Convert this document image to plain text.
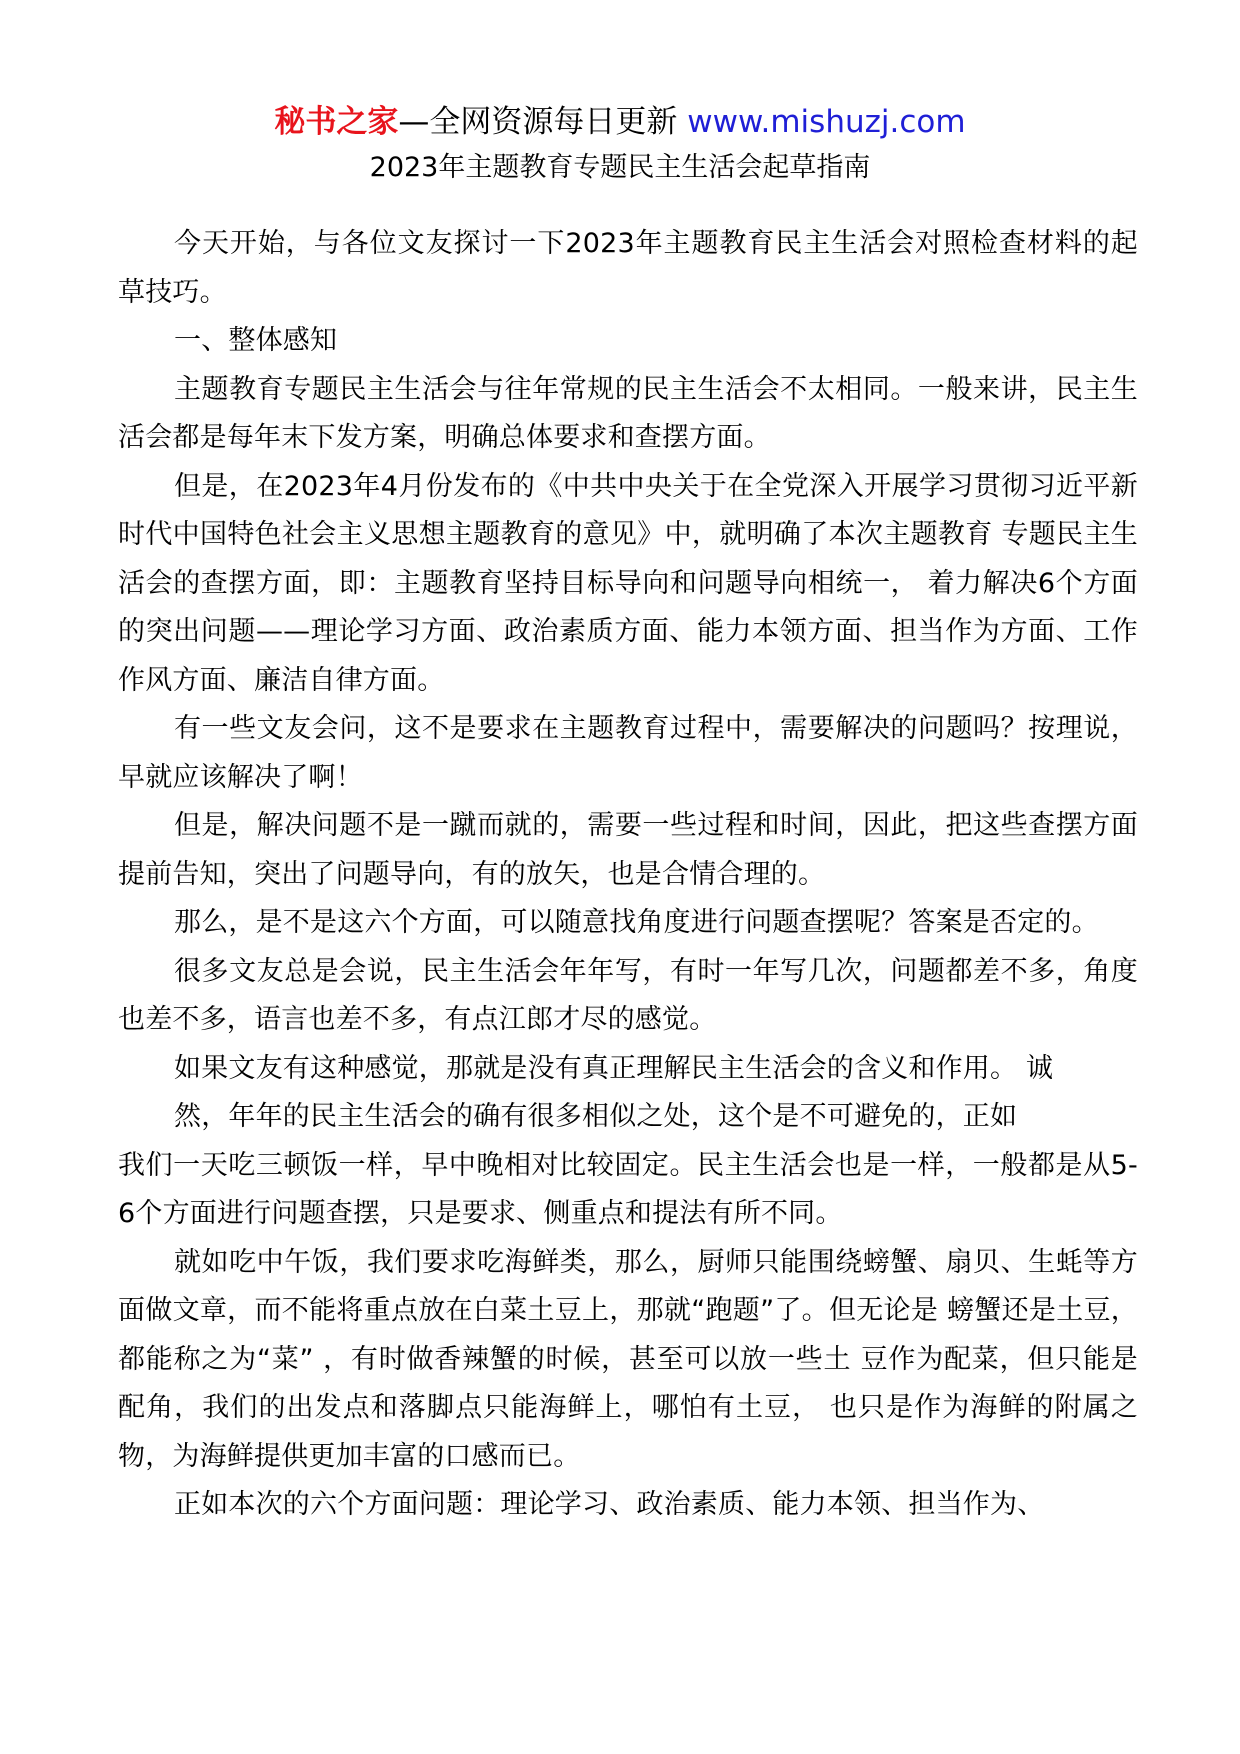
秘书之家—全网资源每日更新 www.mishuzj.com
2023年主题教育专题民主生活会起草指南

今天开始，与各位文友探讨一下2023年主题教育民主生活会对照检查材料的起草技巧。

一、整体感知

主题教育专题民主生活会与往年常规的民主生活会不太相同。一般来讲，民主生活会都是每年末下发方案，明确总体要求和查摆方面。

但是，在2023年4月份发布的《中共中央关于在全党深入开展学习贯彻习近平新时代中国特色社会主义思想主题教育的意见》中，就明确了本次主题教育 专题民主生活会的查摆方面，即：主题教育坚持目标导向和问题导向相统一， 着力解决6个方面的突出问题——理论学习方面、政治素质方面、能力本领方面、担当作为方面、工作作风方面、廉洁自律方面。

有一些文友会问，这不是要求在主题教育过程中，需要解决的问题吗？按理说，早就应该解决了啊！

但是，解决问题不是一蹴而就的，需要一些过程和时间，因此，把这些查摆方面提前告知，突出了问题导向，有的放矢，也是合情合理的。

那么，是不是这六个方面，可以随意找角度进行问题查摆呢？答案是否定的。

很多文友总是会说，民主生活会年年写，有时一年写几次，问题都差不多，角度也差不多，语言也差不多，有点江郎才尽的感觉。

如果文友有这种感觉，那就是没有真正理解民主生活会的含义和作用。 诚

然，年年的民主生活会的确有很多相似之处，这个是不可避免的，正如

我们一天吃三顿饭一样，早中晚相对比较固定。民主生活会也是一样，一般都是从5-6个方面进行问题查摆，只是要求、侧重点和提法有所不同。

就如吃中午饭，我们要求吃海鲜类，那么，厨师只能围绕螃蟹、扇贝、生蚝等方面做文章，而不能将重点放在白菜土豆上，那就“跑题”了。但无论是 螃蟹还是土豆，都能称之为“菜” ，有时做香辣蟹的时候，甚至可以放一些土 豆作为配菜，但只能是配角，我们的出发点和落脚点只能海鲜上，哪怕有土豆， 也只是作为海鲜的附属之物，为海鲜提供更加丰富的口感而已。

正如本次的六个方面问题：理论学习、政治素质、能力本领、担当作为、
